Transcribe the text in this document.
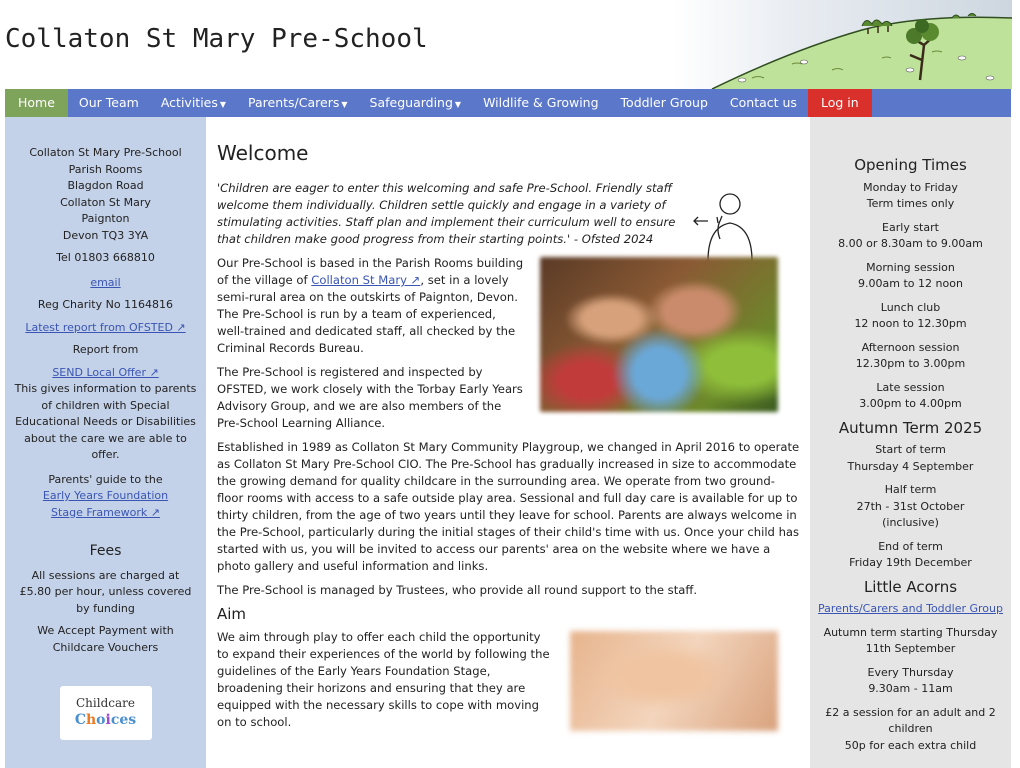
Collaton St Mary Pre-School
Home	Our Team	Activities ▼	Parents/Carers ▼	Safeguarding ▼	Wildlife & Growing	Toddler Group	Contact us	Log in

Collaton St Mary Pre-School
Parish Rooms
Blagdon Road
Collaton St Mary
Paignton
Devon TQ3 3YA

Tel 01803 668810

email

Reg Charity No 1164816

Latest report from OFSTED ↗

Report from

SEND Local Offer ↗

This gives information to parents of children with Special Educational Needs or Disabilities about the care we are able to offer.

Parents' guide to the

Early Years Foundation Stage Framework ↗

Fees

All sessions are charged at £5.80 per hour, unless covered by funding

We Accept Payment with Childcare Vouchers

Childcare
Choices
Welcome

'Children are eager to enter this welcoming and safe Pre-School. Friendly staff welcome them individually. Children settle quickly and engage in a variety of stimulating activities. Staff plan and implement their curriculum well to ensure that children make good progress from their starting points.' - Ofsted 2024

Our Pre-School is based in the Parish Rooms building of the village of Collaton St Mary ↗, set in a lovely semi-rural area on the outskirts of Paignton, Devon. The Pre-School is run by a team of experienced, well-trained and dedicated staff, all checked by the Criminal Records Bureau.

The Pre-School is registered and inspected by OFSTED, we work closely with the Torbay Early Years Advisory Group, and we are also members of the Pre-School Learning Alliance.

Established in 1989 as Collaton St Mary Community Playgroup, we changed in April 2016 to operate as Collaton St Mary Pre-School CIO. The Pre-School has gradually increased in size to accommodate the growing demand for quality childcare in the surrounding area. We operate from two ground-floor rooms with access to a safe outside play area. Sessional and full day care is available for up to thirty children, from the age of two years until they leave for school. Parents are always welcome in the Pre-School, particularly during the initial stages of their child's time with us. Once your child has started with us, you will be invited to access our parents' area on the website where we have a photo gallery and useful information and links.

The Pre-School is managed by Trustees, who provide all round support to the staff.

Aim

We aim through play to offer each child the opportunity to expand their experiences of the world by following the guidelines of the Early Years Foundation Stage, broadening their horizons and ensuring that they are equipped with the necessary skills to cope with moving on to school.

Opening Times

Monday to Friday
Term times only

Early start
8.00 or 8.30am to 9.00am

Morning session
9.00am to 12 noon

Lunch club
12 noon to 12.30pm

Afternoon session
12.30pm to 3.00pm

Late session
3.00pm to 4.00pm

Autumn Term 2025

Start of term
Thursday 4 September

Half term
27th - 31st October
(inclusive)

End of term
Friday 19th December

Little Acorns

Parents/Carers and Toddler Group

Autumn term starting Thursday
11th September

Every Thursday
9.30am - 11am

£2 a session for an adult and 2 children
50p for each extra child
